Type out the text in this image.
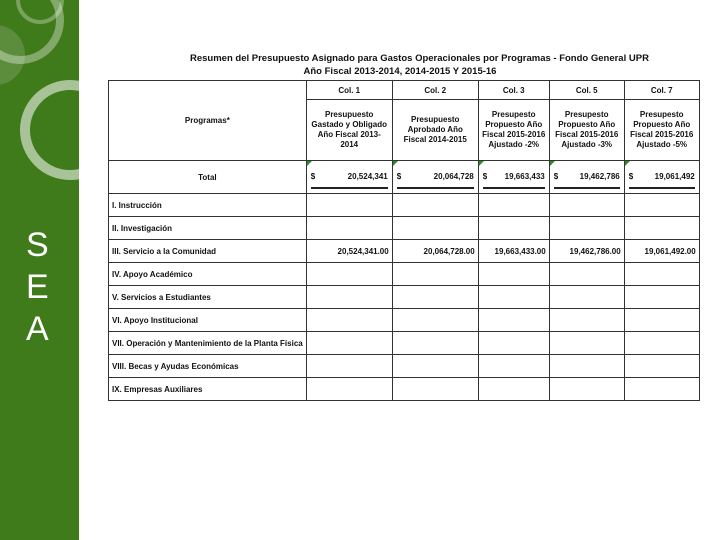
S
E
A
Resumen del Presupuesto Asignado para Gastos Operacionales por Programas - Fondo General UPR
Año Fiscal 2013-2014, 2014-2015 Y 2015-16
Programas*	Col. 1	Col. 2	Col. 3	Col. 5	Col. 7
	Presupuesto Gastado y Obligado Año Fiscal 2013-2014	Presupuesto Aprobado Año Fiscal 2014-2015	Presupesto Propuesto Año Fiscal 2015-2016 Ajustado -2%	Presupesto Propuesto Año Fiscal 2015-2016 Ajustado -3%	Presupesto Propuesto Año Fiscal 2015-2016 Ajustado -5%
Total	$ 20,524,341	$ 20,064,728	$ 19,663,433	$ 19,462,786	$ 19,061,492

I. Instrucción					
II. Investigación					
III. Servicio a la Comunidad	20,524,341.00	20,064,728.00	19,663,433.00	19,462,786.00	19,061,492.00
IV. Apoyo Académico					
V. Servicios a Estudiantes					
VI. Apoyo Institucional					
VII. Operación y Mantenimiento de la Planta Física					
VIII. Becas y Ayudas Económicas					
IX. Empresas Auxiliares					
